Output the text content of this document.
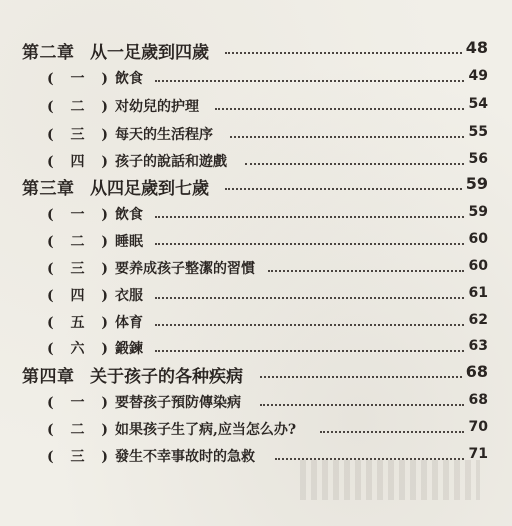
第二章 从一足歲到四歲	48
( 一 ) 飲食	49
( 二 ) 对幼兒的护理	54
( 三 ) 每天的生活程序	55
( 四 ) 孩子的說話和遊戲	56
第三章 从四足歲到七歲	59
( 一 ) 飲食	59
( 二 ) 睡眠	60
( 三 ) 要养成孩子整潔的習慣	60
( 四 ) 衣服	61
( 五 ) 体育	62
( 六 ) 鍛鍊	63
第四章 关于孩子的各种疾病	68
( 一 ) 要替孩子預防傳染病	68
( 二 ) 如果孩子生了病,应当怎么办?	70
( 三 ) 發生不幸事故时的急救	71
